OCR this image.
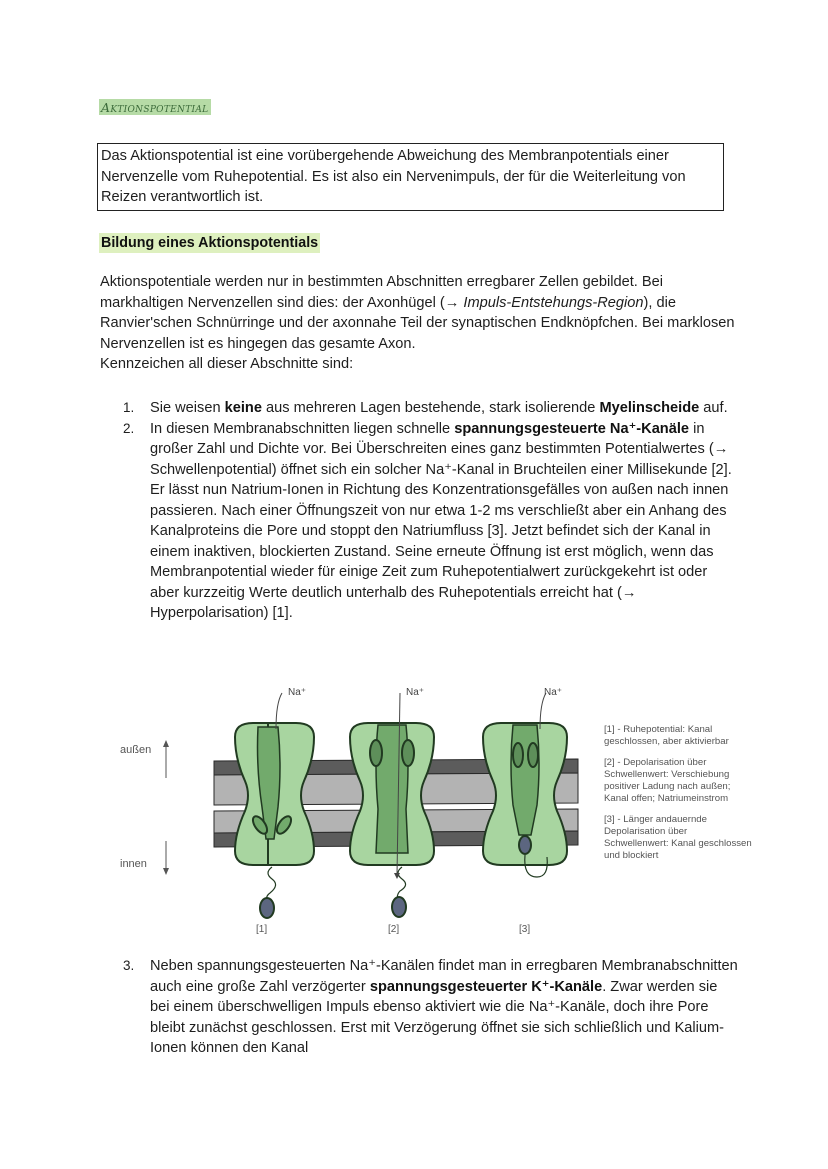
Aktionspotential
Das Aktionspotential ist eine vorübergehende Abweichung des Membranpotentials einer Nervenzelle vom Ruhepotential. Es ist also ein Nervenimpuls, der für die Weiterleitung von Reizen verantwortlich ist.
Bildung eines Aktionspotentials
Aktionspotentiale werden nur in bestimmten Abschnitten erregbarer Zellen gebildet. Bei markhaltigen Nervenzellen sind dies: der Axonhügel (→ Impuls-Entstehungs-Region), die Ranvier'schen Schnürringe und der axonnahe Teil der synaptischen Endknöpfchen. Bei marklosen Nervenzellen ist es hingegen das gesamte Axon.
Kennzeichen all dieser Abschnitte sind:
1. Sie weisen keine aus mehreren Lagen bestehende, stark isolierende Myelinscheide auf.
2. In diesen Membranabschnitten liegen schnelle spannungsgesteuerte Na⁺-Kanäle in großer Zahl und Dichte vor. Bei Überschreiten eines ganz bestimmten Potentialwertes (→ Schwellenpotential) öffnet sich ein solcher Na⁺-Kanal in Bruchteilen einer Millisekunde [2]. Er lässt nun Natrium-Ionen in Richtung des Konzentrationsgefälles von außen nach innen passieren. Nach einer Öffnungszeit von nur etwa 1-2 ms verschließt aber ein Anhang des Kanalproteins die Pore und stoppt den Natriumfluss [3]. Jetzt befindet sich der Kanal in einem inaktiven, blockierten Zustand. Seine erneute Öffnung ist erst möglich, wenn das Membranpotential wieder für einige Zeit zum Ruhepotentialwert zurückgekehrt ist oder aber kurzzeitig Werte deutlich unterhalb des Ruhepotentials erreicht hat (→ Hyperpolarisation) [1].
außen
innen
Na⁺	Na⁺	Na⁺
[1]	[2]	[3]

[1] - Ruhepotential: Kanal geschlossen, aber aktivierbar

[2] - Depolarisation über Schwellenwert: Verschiebung positiver Ladung nach außen; Kanal offen; Natriumeinstrom

[3] - Länger andauernde Depolarisation über Schwellenwert: Kanal geschlossen und blockiert

3. Neben spannungsgesteuerten Na⁺-Kanälen findet man in erregbaren Membranabschnitten auch eine große Zahl verzögerter spannungsgesteuerter K⁺-Kanäle. Zwar werden sie bei einem überschwelligen Impuls ebenso aktiviert wie die Na⁺-Kanäle, doch ihre Pore bleibt zunächst geschlossen. Erst mit Verzögerung öffnet sie sich schließlich und Kalium-Ionen können den Kanal
